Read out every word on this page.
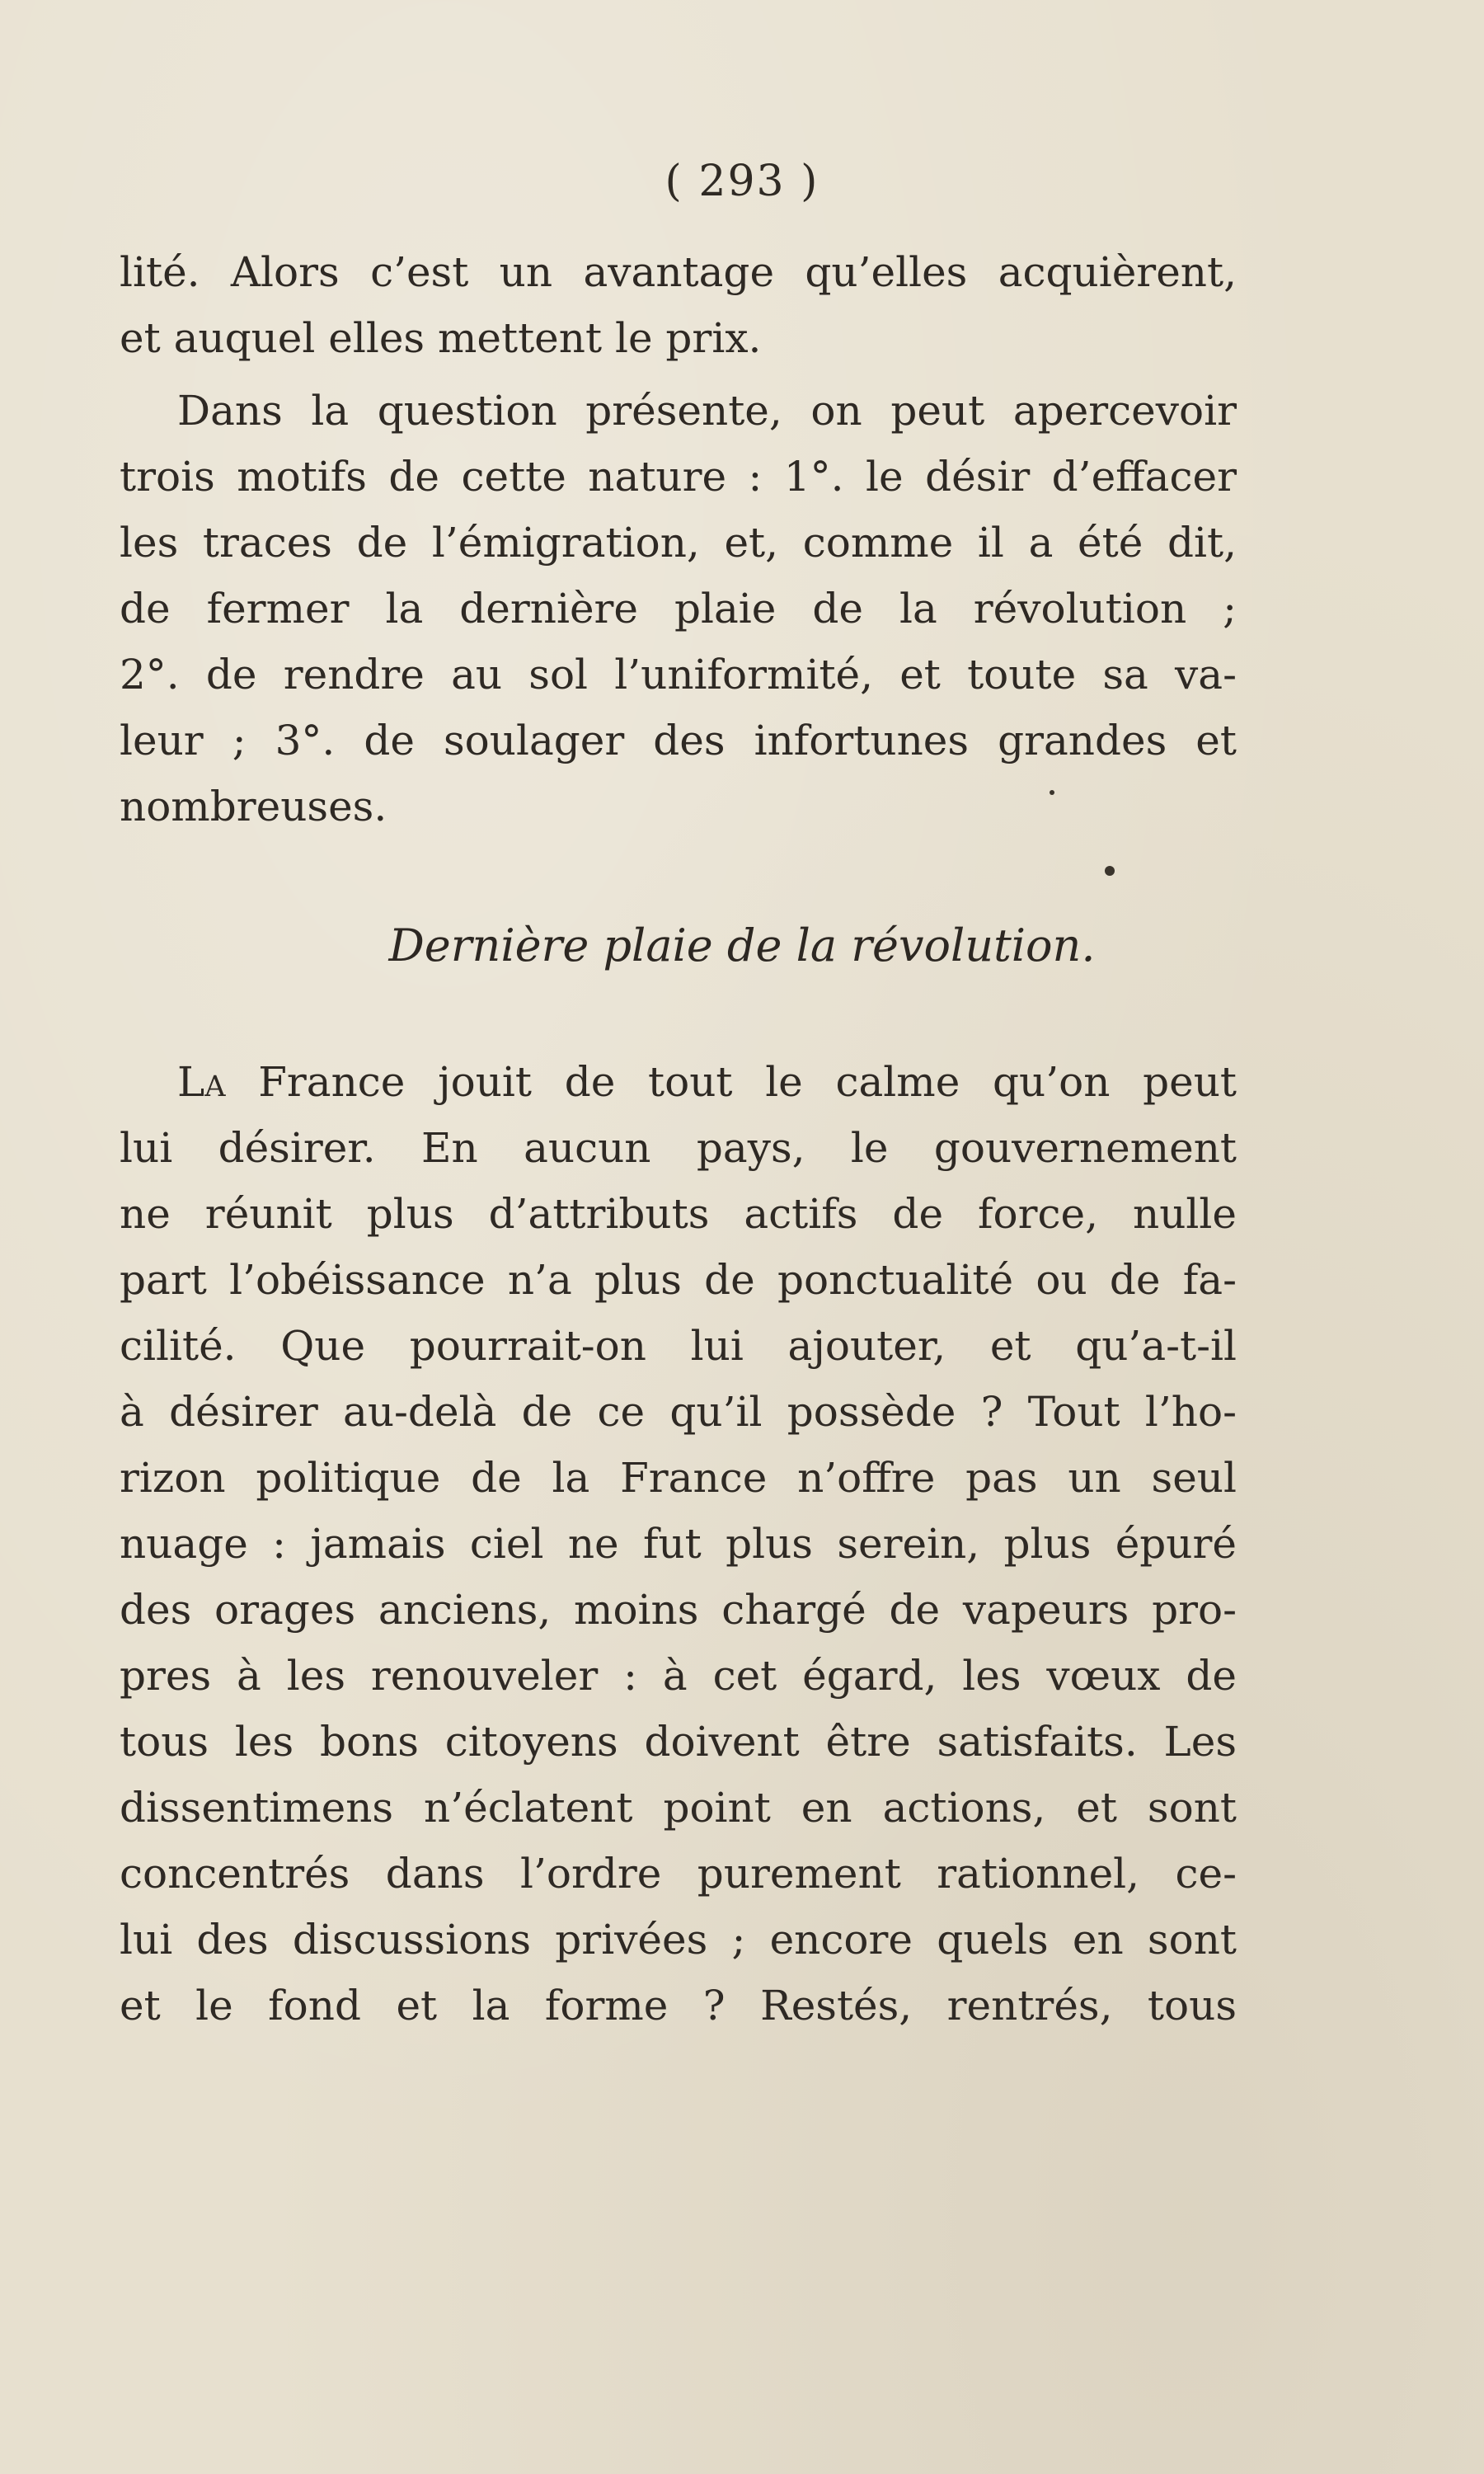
( 293 )
lité. Alors c’est un avantage qu’elles acquièrent,
et auquel elles mettent le prix.
Dans la question présente, on peut apercevoir
trois motifs de cette nature : 1°. le désir d’effacer
les traces de l’émigration, et, comme il a été dit,
de fermer la dernière plaie de la révolution ;
2°. de rendre au sol l’uniformité, et toute sa va-
leur ; 3°. de soulager des infortunes grandes et
nombreuses.
Dernière plaie de la révolution.
La France jouit de tout le calme qu’on peut
lui désirer. En aucun pays, le gouvernement
ne réunit plus d’attributs actifs de force, nulle
part l’obéissance n’a plus de ponctualité ou de fa-
cilité. Que pourrait-on lui ajouter, et qu’a-t-il
à désirer au-delà de ce qu’il possède ? Tout l’ho-
rizon politique de la France n’offre pas un seul
nuage : jamais ciel ne fut plus serein, plus épuré
des orages anciens, moins chargé de vapeurs pro-
pres à les renouveler : à cet égard, les vœux de
tous les bons citoyens doivent être satisfaits. Les
dissentimens n’éclatent point en actions, et sont
concentrés dans l’ordre purement rationnel, ce-
lui des discussions privées ; encore quels en sont
et le fond et la forme ? Restés, rentrés, tous
